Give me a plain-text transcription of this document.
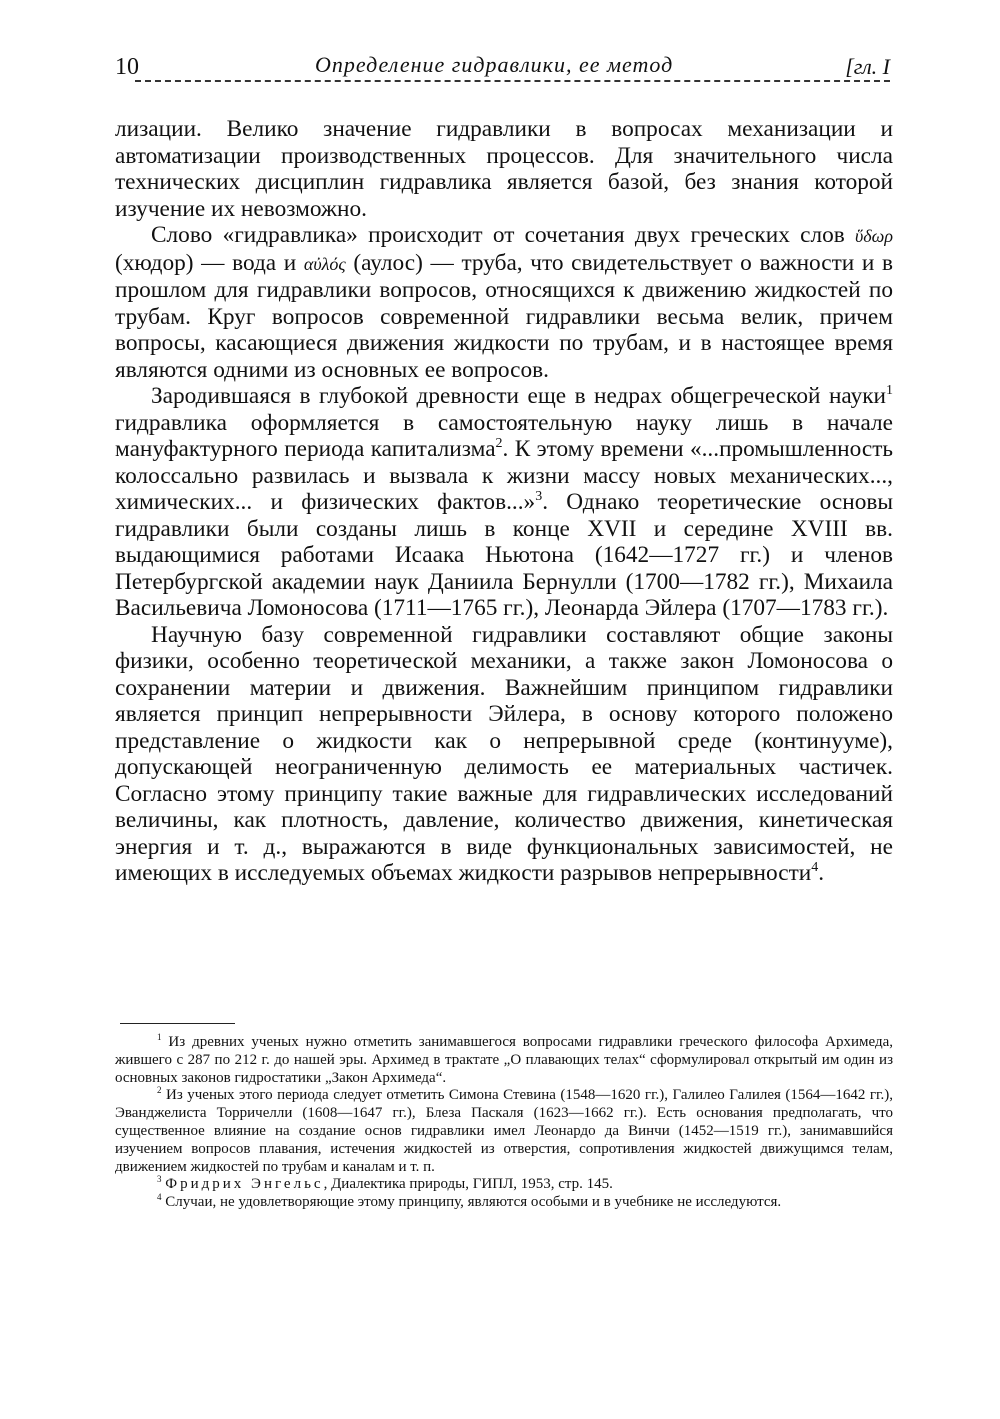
10	Определение гидравлики, ее метод	[гл. I

лизации. Велико значение гидравлики в вопросах механизации и автоматизации производственных процессов. Для значительного числа технических дисциплин гидравлика является базой, без знания которой изучение их невозможно.

Слово «гидравлика» происходит от сочетания двух греческих слов ὕδωρ (хюдор) — вода и αὐλός (аулос) — труба, что свидетельствует о важности и в прошлом для гидравлики вопросов, относящихся к движению жидкостей по трубам. Круг вопросов современной гидравлики весьма велик, причем вопросы, касающиеся движения жидкости по трубам, и в настоящее время являются одними из основных ее вопросов.

Зародившаяся в глубокой древности еще в недрах общегреческой науки$^1$ гидравлика оформляется в самостоятельную науку лишь в начале мануфактурного периода капитализма$^2$. К этому времени «...промышленность колоссально развилась и вызвала к жизни массу новых механических..., химических... и физических фактов...»$^3$. Однако теоретические основы гидравлики были созданы лишь в конце XVII и середине XVIII вв. выдающимися работами Исаака Ньютона (1642—1727 гг.) и членов Петербургской академии наук Даниила Бернулли (1700—1782 гг.), Михаила Васильевича Ломоносова (1711—1765 гг.), Леонарда Эйлера (1707—1783 гг.).

Научную базу современной гидравлики составляют общие законы физики, особенно теоретической механики, а также закон Ломоносова о сохранении материи и движения. Важнейшим принципом гидравлики является принцип непрерывности Эйлера, в основу которого положено представление о жидкости как о непрерывной среде (континууме), допускающей неограниченную делимость ее материальных частичек. Согласно этому принципу такие важные для гидравлических исследований величины, как плотность, давление, количество движения, кинетическая энергия и т. д., выражаются в виде функциональных зависимостей, не имеющих в исследуемых объемах жидкости разрывов непрерывности$^4$.

$^1$ Из древних ученых нужно отметить занимавшегося вопросами гидравлики греческого философа Архимеда, жившего с 287 по 212 г. до нашей эры. Архимед в трактате „О плавающих телах“ сформулировал открытый им один из основных законов гидростатики „Закон Архимеда“.

$^2$ Из ученых этого периода следует отметить Симона Стевина (1548—1620 гг.), Галилео Галилея (1564—1642 гг.), Эванджелиста Торричелли (1608—1647 гг.), Блеза Паскаля (1623—1662 гг.). Есть основания предполагать, что существенное влияние на создание основ гидравлики имел Леонардо да Винчи (1452—1519 гг.), занимавшийся изучением вопросов плавания, истечения жидкостей из отверстия, сопротивления жидкостей движущимся телам, движением жидкостей по трубам и каналам и т. п.

$^3$ Фридрих Энгельс, Диалектика природы, ГИПЛ, 1953, стр. 145.

$^4$ Случаи, не удовлетворяющие этому принципу, являются особыми и в учебнике не исследуются.
